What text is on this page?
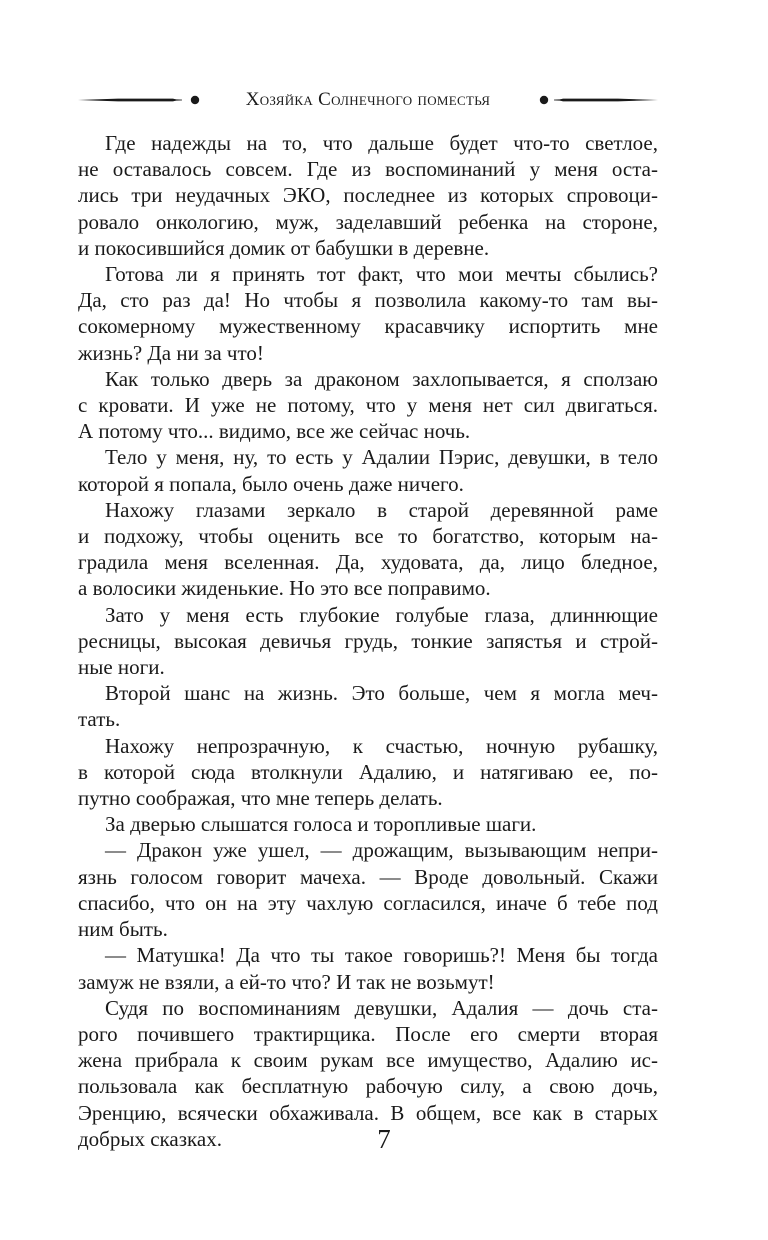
Хозяйка Солнечного поместья
Где надежды на то, что дальше будет что-то светлое,
не оставалось совсем. Где из воспоминаний у меня оста-
лись три неудачных ЭКО, последнее из которых спровоци-
ровало онкологию, муж, заделавший ребенка на стороне,
и покосившийся домик от бабушки в деревне.
Готова ли я принять тот факт, что мои мечты сбылись?
Да, сто раз да! Но чтобы я позволила какому-то там вы-
сокомерному мужественному красавчику испортить мне
жизнь? Да ни за что!
Как только дверь за драконом захлопывается, я сползаю
с кровати. И уже не потому, что у меня нет сил двигаться.
А потому что... видимо, все же сейчас ночь.
Тело у меня, ну, то есть у Адалии Пэрис, девушки, в тело
которой я попала, было очень даже ничего.
Нахожу глазами зеркало в старой деревянной раме
и подхожу, чтобы оценить все то богатство, которым на-
градила меня вселенная. Да, худовата, да, лицо бледное,
а волосики жиденькие. Но это все поправимо.
Зато у меня есть глубокие голубые глаза, длиннющие
ресницы, высокая девичья грудь, тонкие запястья и строй-
ные ноги.
Второй шанс на жизнь. Это больше, чем я могла меч-
тать.
Нахожу непрозрачную, к счастью, ночную рубашку,
в которой сюда втолкнули Адалию, и натягиваю ее, по-
путно соображая, что мне теперь делать.
За дверью слышатся голоса и торопливые шаги.
— Дракон уже ушел, — дрожащим, вызывающим непри-
язнь голосом говорит мачеха. — Вроде довольный. Скажи
спасибо, что он на эту чахлую согласился, иначе б тебе под
ним быть.
— Матушка! Да что ты такое говоришь?! Меня бы тогда
замуж не взяли, а ей-то что? И так не возьмут!
Судя по воспоминаниям девушки, Адалия — дочь ста-
рого почившего трактирщика. После его смерти вторая
жена прибрала к своим рукам все имущество, Адалию ис-
пользовала как бесплатную рабочую силу, а свою дочь,
Эренцию, всячески обхаживала. В общем, все как в старых
добрых сказках.	7
